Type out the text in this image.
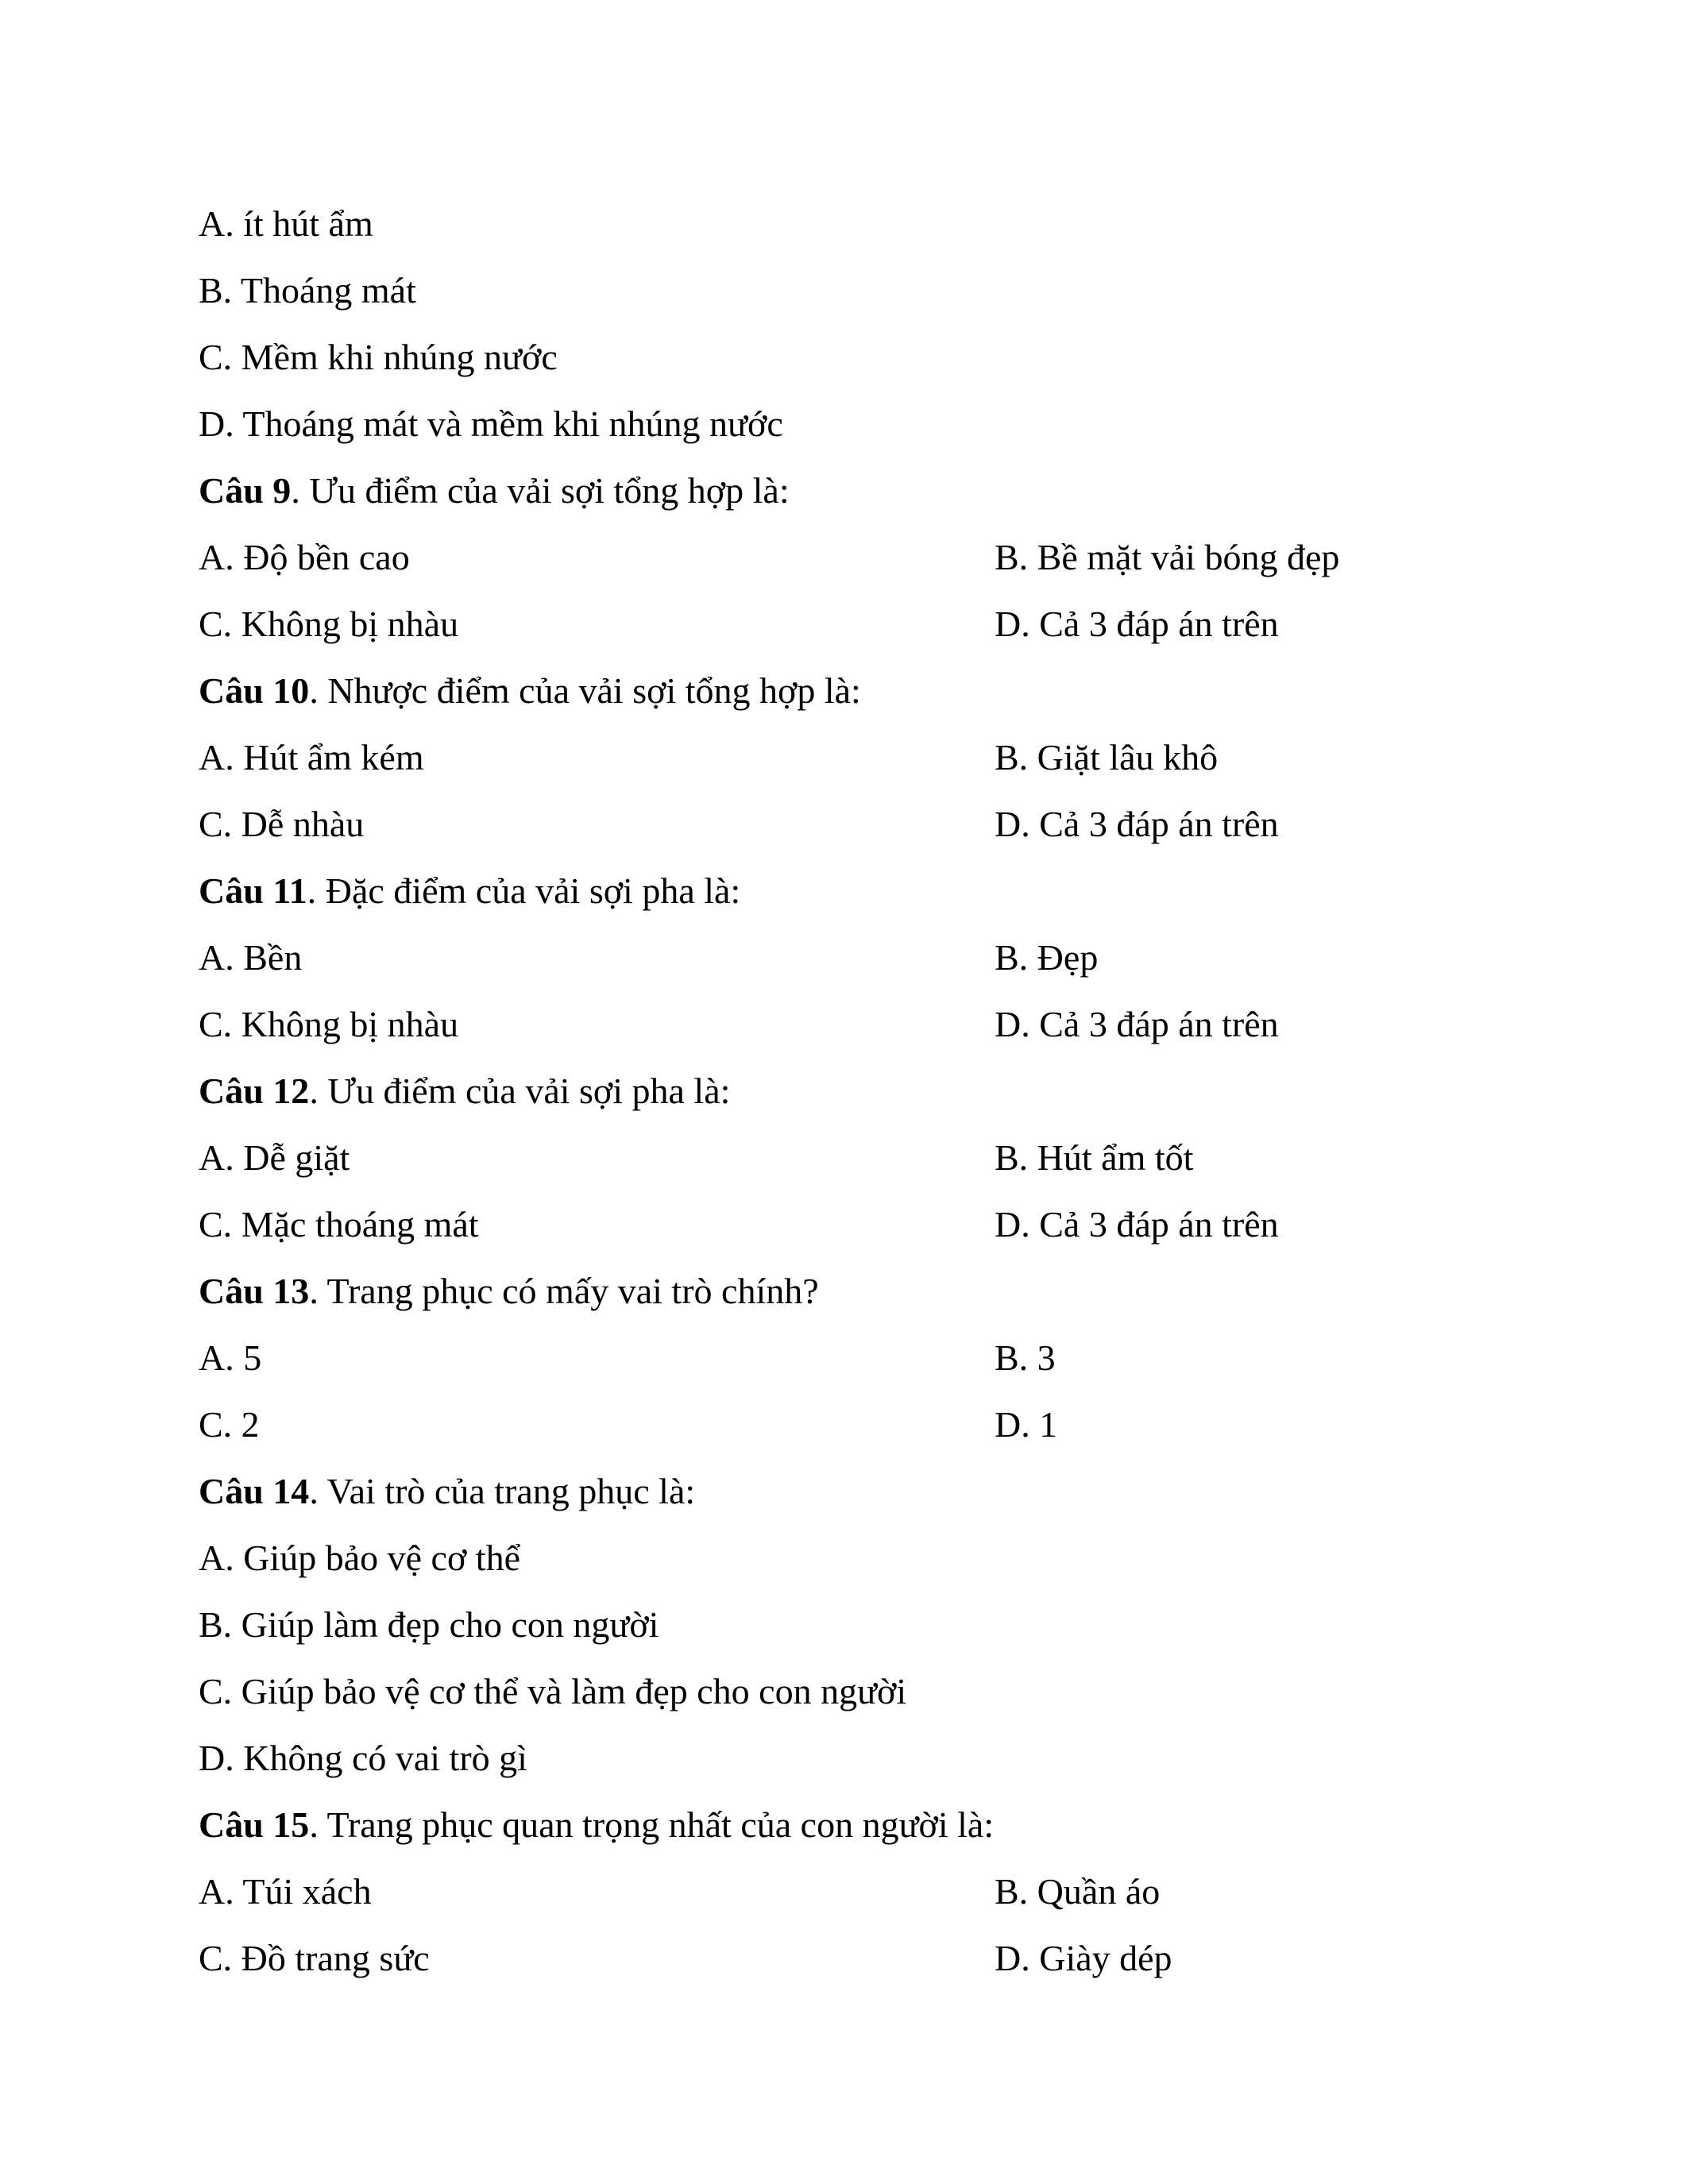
A. ít hút ẩm
B. Thoáng mát
C. Mềm khi nhúng nước
D. Thoáng mát và mềm khi nhúng nước
Câu 9. Ưu điểm của vải sợi tổng hợp là:
A. Độ bền cao	B. Bề mặt vải bóng đẹp
C. Không bị nhàu	D. Cả 3 đáp án trên
Câu 10. Nhược điểm của vải sợi tổng hợp là:
A. Hút ẩm kém	B. Giặt lâu khô
C. Dễ nhàu	D. Cả 3 đáp án trên
Câu 11. Đặc điểm của vải sợi pha là:
A. Bền	B. Đẹp
C. Không bị nhàu	D. Cả 3 đáp án trên
Câu 12. Ưu điểm của vải sợi pha là:
A. Dễ giặt	B. Hút ẩm tốt
C. Mặc thoáng mát	D. Cả 3 đáp án trên
Câu 13. Trang phục có mấy vai trò chính?
A. 5	B. 3
C. 2	D. 1
Câu 14. Vai trò của trang phục là:
A. Giúp bảo vệ cơ thể
B. Giúp làm đẹp cho con người
C. Giúp bảo vệ cơ thể và làm đẹp cho con người
D. Không có vai trò gì
Câu 15. Trang phục quan trọng nhất của con người là:
A. Túi xách	B. Quần áo
C. Đồ trang sức	D. Giày dép
